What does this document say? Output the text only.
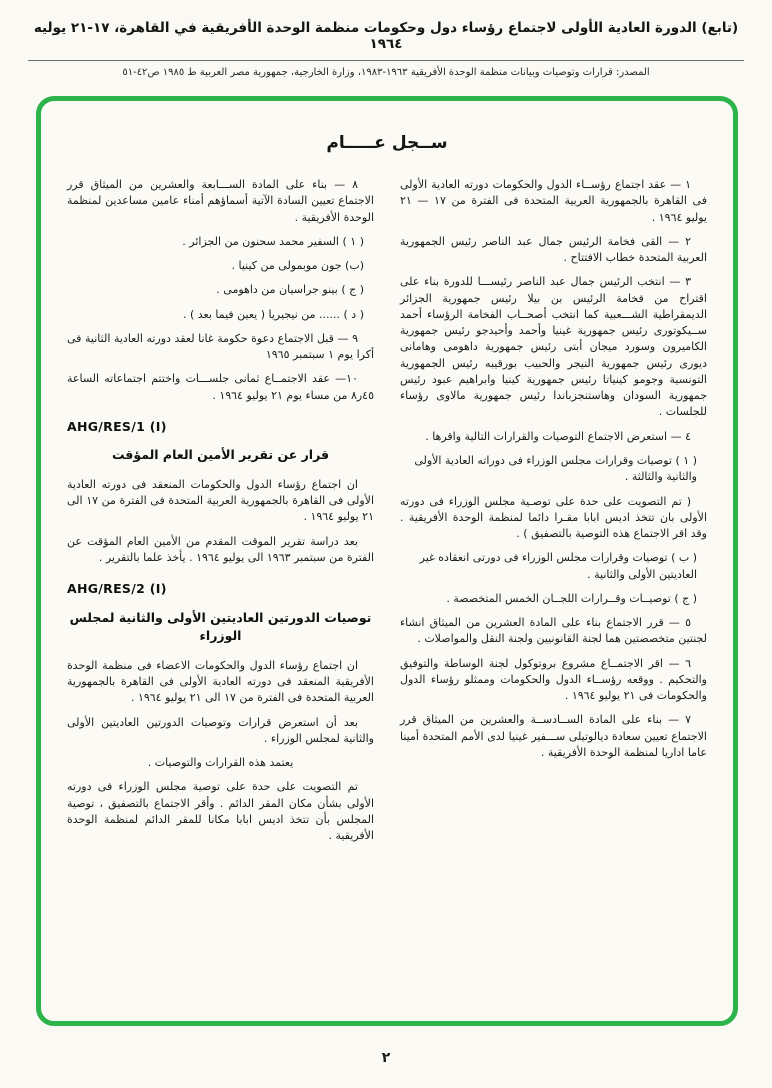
(تابع) الدورة العادية الأولى لاجتماع رؤساء دول وحكومات منظمة الوحدة الأفريقية في القاهرة، ١٧-٢١ يوليه ١٩٦٤
المصدر: قرارات وتوصيات وبيانات منظمة الوحدة الأفريقية ١٩٦٣-١٩٨٣، وزارة الخارجية، جمهورية مصر العربية ط ١٩٨٥ ص٤٢-٥١
ســجل عـــــام

١ — عقد اجتماع رؤســاء الدول والحكومات دورته العادية الأولى فى القاهرة بالجمهورية العربية المتحدة فى الفترة من ١٧ — ٢١ يوليو ١٩٦٤ .

٢ — القى فخامة الرئيس جمال عبد الناصر رئيس الجمهورية العربية المتحدة خطاب الافتتاح .

٣ — انتخب الرئيس جمال عبد الناصر رئيســـا للدورة بناء على اقتراح من فخامة الرئيس بن بيلا رئيس جمهورية الجزائر الديمقراطية الشـــعبية كما انتخب أصحــاب الفخامة الرؤساء أحمد ســيكوتورى رئيس جمهورية غينيا وأحمد وأحيدجو رئيس جمهورية الكاميرون وسورد ميجان أبتى رئيس جمهورية داهومى وهامانى ديورى رئيس جمهورية النيجر والحبيب بورقيبه رئيس الجمهورية التونسية وجومو كينياتا رئيس جمهورية كينيا وابراهيم عبود رئيس جمهورية السودان وهاستنجزباندا رئيس جمهورية مالاوى رؤساء للجلسات .

٤ — استعرض الاجتماع التوصيات والقرارات التالية واقرها .

( ١ ) توصيات وقرارات مجلس الوزراء فى دوراته العادية الأولى والثانية والثالثة .

( تم التصويت على حدة على توصـية مجلس الوزراء فى دورته الأولى بان تتخذ اديس ابابا مقـرا دائما لمنظمة الوحدة الأفريقية . وقد اقر الاجتماع هذه التوصية بالتصفيق ) .

( ب ) توصيات وقرارات مجلس الوزراء فى دورتى انعقاده غير العاديتين الأولى والثانية .

( ج ) توصيــات وقــرارات اللجــان الخمس المتخصصة .

٥ — قرر الاجتماع بناء على المادة العشرين من الميثاق انشاء لجنتين متخصصتين هما لجنة القانونيين ولجنة النقل والمواصلات .

٦ — اقر الاجتمــاع مشروع بروتوكول لجنة الوساطة والتوفيق والتحكيم . ووقعه رؤســاء الدول والحكومات وممثلو رؤساء الدول والحكومات فى ٢١ يوليو ١٩٦٤ .

٧ — بناء على المادة الســادســة والعشرين من الميثاق قرر الاجتماع تعيين سعادة ديالوتيلى ســـفير غينيا لدى الأمم المتحدة أمينا عاما اداريا لمنظمة الوحدة الأفريقية .

٨ — بناء على المادة الســـابعة والعشرين من الميثاق قرر الاجتماع تعيين السادة الآتية أسماؤهم أمناء عامين مساعدين لمنظمة الوحدة الأفريقية .

( ١ ) السفير محمد سحنون من الجزائر .

(ب) جون موبمولى من كينيا .

( ج ) بينو جراسيان من داهومى .

( د ) ...... من نيجيريا ( يعين فيما بعد ) .

٩ — قبل الاجتماع دعوة حكومة غانا لعقد دورته العادية الثانية فى أكرا يوم ١ سبتمبر ١٩٦٥

١٠— عقد الاجتمــاع ثمانى جلســـات واختتم اجتماعاته الساعة ٤٥ر٨ من مساء يوم ٢١ يوليو ١٩٦٤ .

AHG/RES/1 (I)

قرار عن تقرير الأمين العام المؤقت

ان اجتماع رؤساء الدول والحكومات المنعقد فى دورته العادية الأولى فى القاهرة بالجمهورية العربية المتحدة فى الفترة من ١٧ الى ٢١ يوليو ١٩٦٤ .

بعد دراسة تقرير الموقت المقدم من الأمين العام المؤقت عن الفترة من سبتمبر ١٩٦٣ الى يوليو ١٩٦٤ . يأخذ علما بالتقرير .

AHG/RES/2 (I)

توصيات الدورتين العاديتين الأولى والثانية لمجلس الوزراء

ان اجتماع رؤساء الدول والحكومات الاعضاء فى منظمة الوحدة الأفريقية المنعقد فى دورته العادية الأولى فى القاهرة بالجمهورية العربية المتحدة فى الفترة من ١٧ الى ٢١ يوليو ١٩٦٤ .

بعد أن استعرض قرارات وتوصيات الدورتين العاديتين الأولى والثانية لمجلس الوزراء .

يعتمد هذه القرارات والتوصيات .

تم التصويت على حدة على توصية مجلس الوزراء فى دورته الأولى بشأن مكان المقر الدائم . وأقر الاجتماع بالتصفيق ، توصية المجلس بأن تتخذ اديس ابابا مكانا للمقر الدائم لمنظمة الوحدة الأفريقية .

٢
